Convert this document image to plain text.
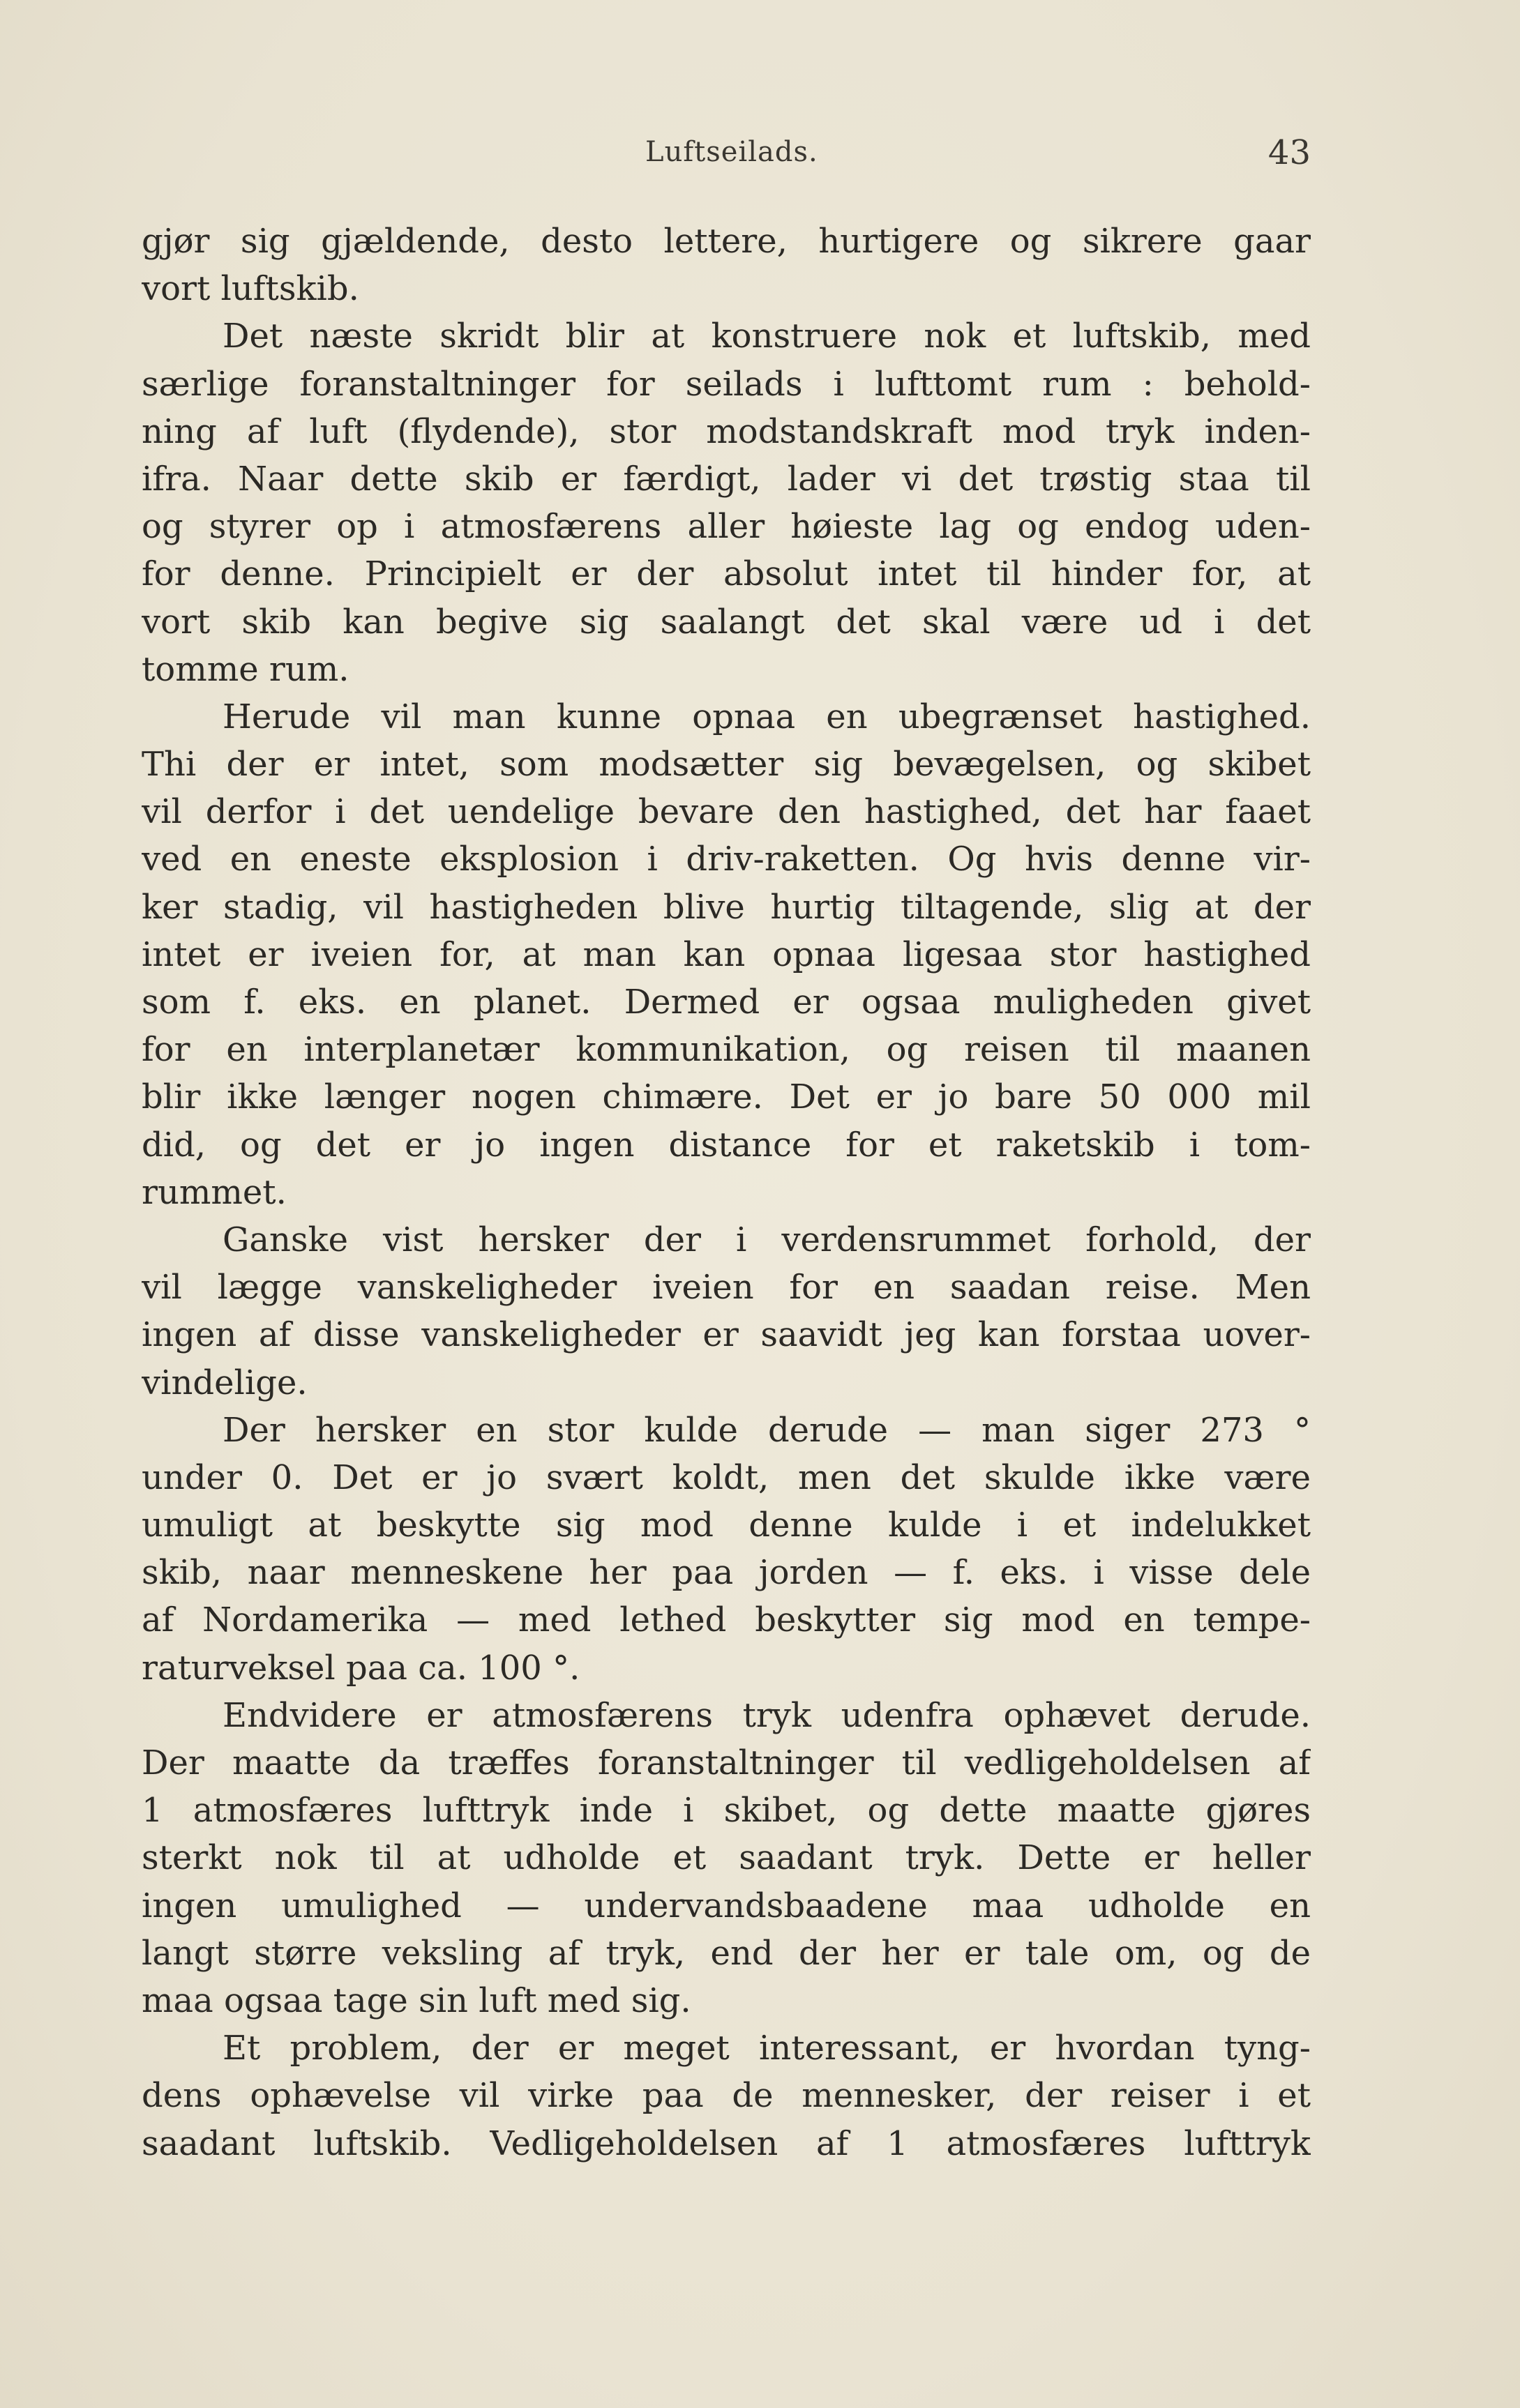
Luftseilads.	43
gjør sig gjældende, desto lettere, hurtigere og sikrere gaar
vort luftskib.
Det næste skridt blir at konstruere nok et luftskib, med
særlige foranstaltninger for seilads i lufttomt rum : behold-
ning af luft (flydende), stor modstandskraft mod tryk inden-
ifra. Naar dette skib er færdigt, lader vi det trøstig staa til
og styrer op i atmosfærens aller høieste lag og endog uden-
for denne. Principielt er der absolut intet til hinder for, at
vort skib kan begive sig saalangt det skal være ud i det
tomme rum.
Herude vil man kunne opnaa en ubegrænset hastighed.
Thi der er intet, som modsætter sig bevægelsen, og skibet
vil derfor i det uendelige bevare den hastighed, det har faaet
ved en eneste eksplosion i driv-raketten. Og hvis denne vir-
ker stadig, vil hastigheden blive hurtig tiltagende, slig at der
intet er iveien for, at man kan opnaa ligesaa stor hastighed
som f. eks. en planet. Dermed er ogsaa muligheden givet
for en interplanetær kommunikation, og reisen til maanen
blir ikke længer nogen chimære. Det er jo bare 50 000 mil
did, og det er jo ingen distance for et raketskib i tom-
rummet.
Ganske vist hersker der i verdensrummet forhold, der
vil lægge vanskeligheder iveien for en saadan reise. Men
ingen af disse vanskeligheder er saavidt jeg kan forstaa uover-
vindelige.
Der hersker en stor kulde derude — man siger 273 °
under 0. Det er jo svært koldt, men det skulde ikke være
umuligt at beskytte sig mod denne kulde i et indelukket
skib, naar menneskene her paa jorden — f. eks. i visse dele
af Nordamerika — med lethed beskytter sig mod en tempe-
raturveksel paa ca. 100 °.
Endvidere er atmosfærens tryk udenfra ophævet derude.
Der maatte da træffes foranstaltninger til vedligeholdelsen af
1 atmosfæres lufttryk inde i skibet, og dette maatte gjøres
sterkt nok til at udholde et saadant tryk. Dette er heller
ingen umulighed — undervandsbaadene maa udholde en
langt større veksling af tryk, end der her er tale om, og de
maa ogsaa tage sin luft med sig.
Et problem, der er meget interessant, er hvordan tyng-
dens ophævelse vil virke paa de mennesker, der reiser i et
saadant luftskib. Vedligeholdelsen af 1 atmosfæres lufttryk
